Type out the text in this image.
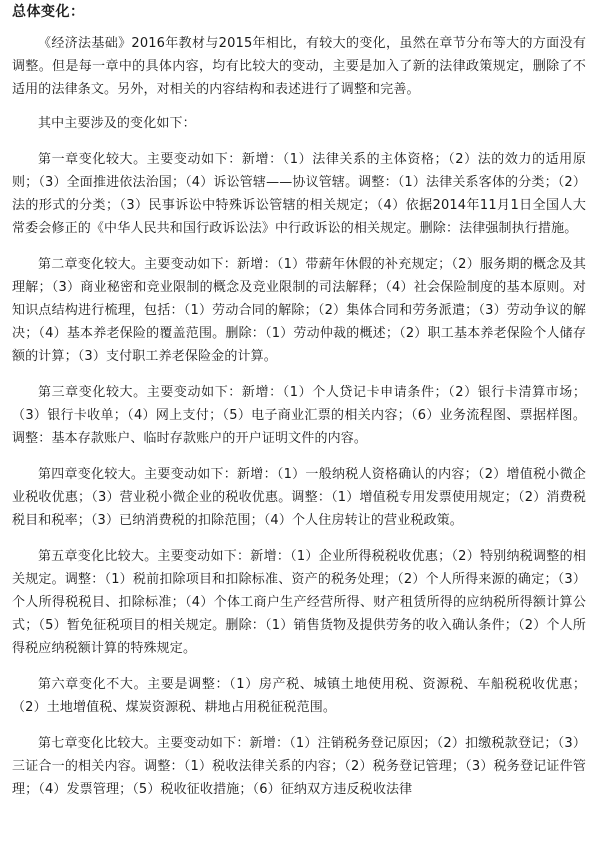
总体变化：

《经济法基础》2016年教材与2015年相比，有较大的变化，虽然在章节分布等大的方面没有调整。但是每一章中的具体内容，均有比较大的变动，主要是加入了新的法律政策规定，删除了不适用的法律条文。另外，对相关的内容结构和表述进行了调整和完善。

其中主要涉及的变化如下：

第一章变化较大。主要变动如下：新增：（1）法律关系的主体资格；（2）法的效力的适用原则；（3）全面推进依法治国；（4）诉讼管辖——协议管辖。调整：（1）法律关系客体的分类；（2）法的形式的分类；（3）民事诉讼中特殊诉讼管辖的相关规定；（4）依据2014年11月1日全国人大常委会修正的《中华人民共和国行政诉讼法》中行政诉讼的相关规定。删除：法律强制执行措施。

第二章变化较大。主要变动如下：新增：（1）带薪年休假的补充规定；（2）服务期的概念及其理解；（3）商业秘密和竞业限制的概念及竞业限制的司法解释；（4）社会保险制度的基本原则。对知识点结构进行梳理，包括：（1）劳动合同的解除；（2）集体合同和劳务派遣；（3）劳动争议的解决；（4）基本养老保险的覆盖范围。删除：（1）劳动仲裁的概述；（2）职工基本养老保险个人储存额的计算；（3）支付职工养老保险金的计算。

第三章变化较大。主要变动如下：新增：（1）个人贷记卡申请条件；（2）银行卡清算市场；（3）银行卡收单；（4）网上支付；（5）电子商业汇票的相关内容；（6）业务流程图、票据样图。调整：基本存款账户、临时存款账户的开户证明文件的内容。

第四章变化较大。主要变动如下：新增：（1）一般纳税人资格确认的内容；（2）增值税小微企业税收优惠；（3）营业税小微企业的税收优惠。调整：（1）增值税专用发票使用规定；（2）消费税税目和税率；（3）已纳消费税的扣除范围；（4）个人住房转让的营业税政策。

第五章变化比较大。主要变动如下：新增：（1）企业所得税税收优惠；（2）特别纳税调整的相关规定。调整：（1）税前扣除项目和扣除标准、资产的税务处理；（2）个人所得来源的确定；（3）个人所得税税目、扣除标准；（4）个体工商户生产经营所得、财产租赁所得的应纳税所得额计算公式；（5）暂免征税项目的相关规定。删除：（1）销售货物及提供劳务的收入确认条件；（2）个人所得税应纳税额计算的特殊规定。

第六章变化不大。主要是调整：（1）房产税、城镇土地使用税、资源税、车船税税收优惠；（2）土地增值税、煤炭资源税、耕地占用税征税范围。

第七章变化比较大。主要变动如下：新增：（1）注销税务登记原因；（2）扣缴税款登记；（3）三证合一的相关内容。调整：（1）税收法律关系的内容；（2）税务登记管理；（3）税务登记证件管理；（4）发票管理；（5）税收征收措施；（6）征纳双方违反税收法律
